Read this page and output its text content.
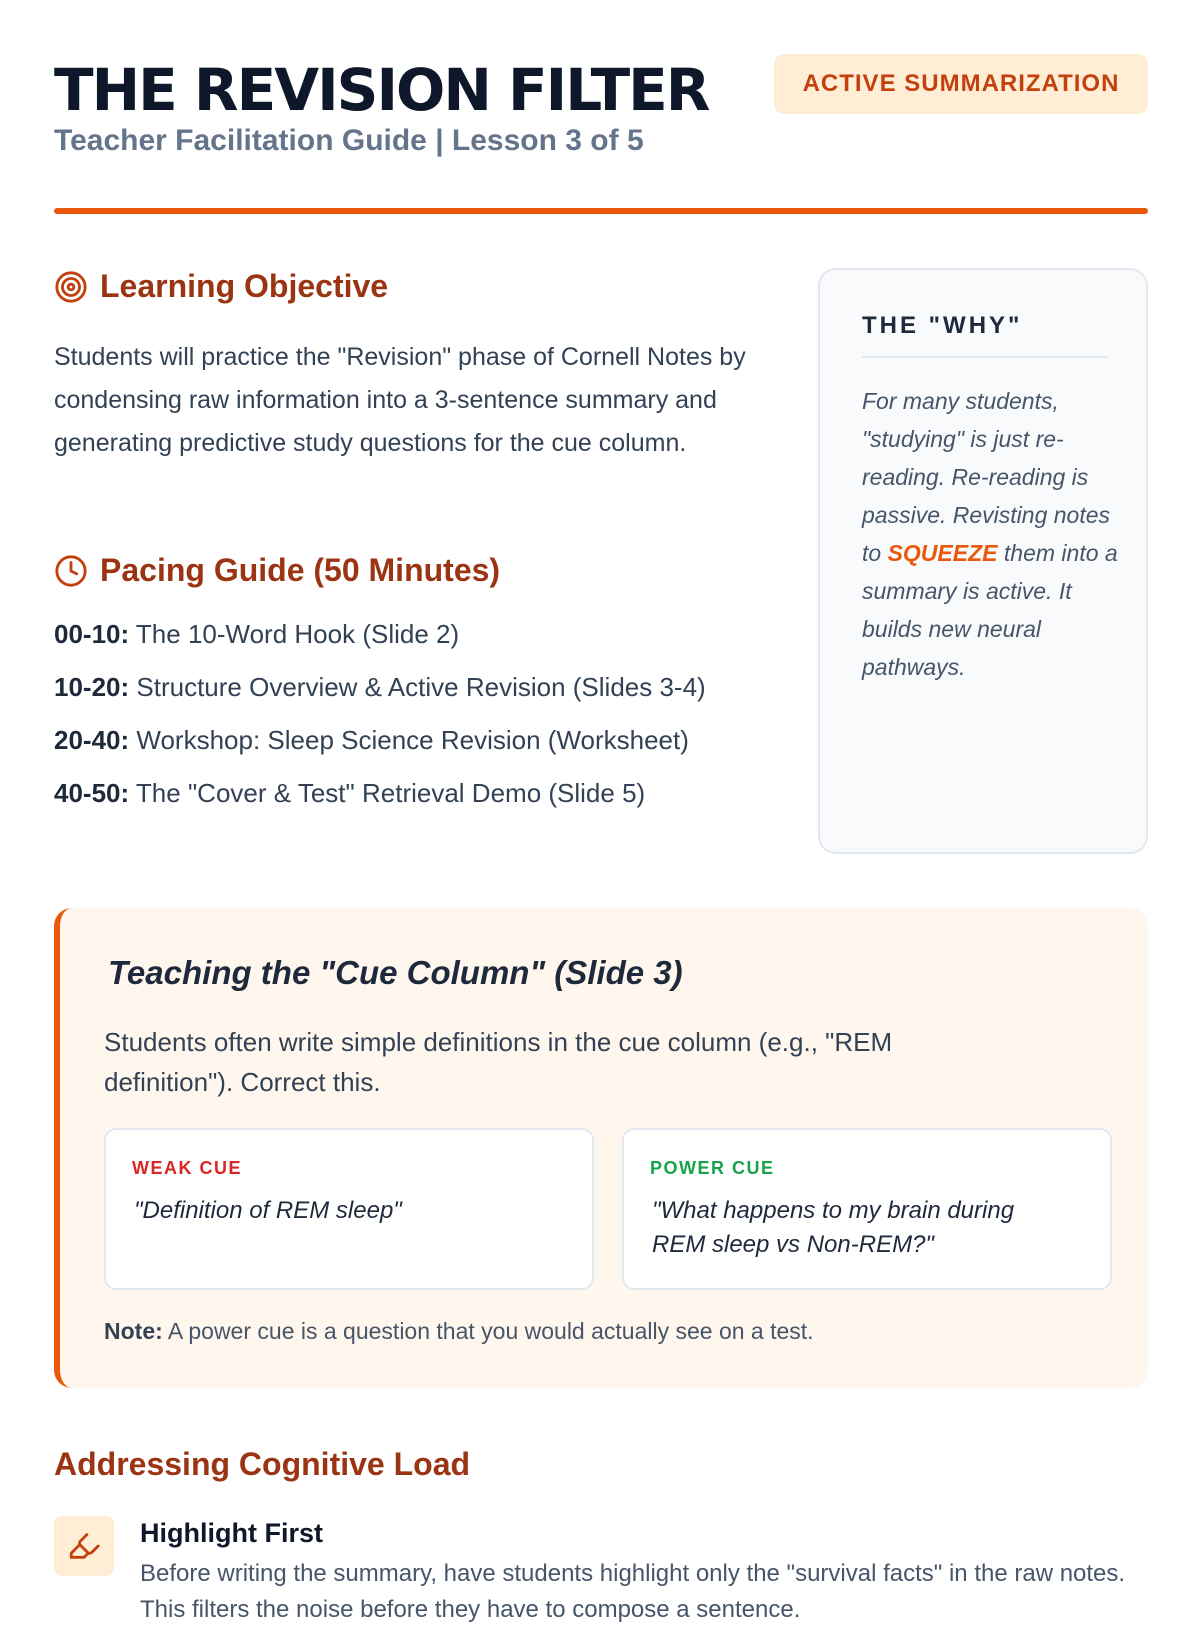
THE REVISION FILTER
Teacher Facilitation Guide | Lesson 3 of 5
ACTIVE SUMMARIZATION
Learning Objective

Students will practice the "Revision" phase of Cornell Notes by condensing raw information into a 3-sentence summary and generating predictive study questions for the cue column.

Pacing Guide (50 Minutes)
00-10: The 10-Word Hook (Slide 2)
10-20: Structure Overview & Active Revision (Slides 3-4)
20-40: Workshop: Sleep Science Revision (Worksheet)
40-50: The "Cover & Test" Retrieval Demo (Slide 5)
THE "WHY"

For many students, "studying" is just re-reading. Re-reading is passive. Revisting notes to SQUEEZE them into a summary is active. It builds new neural pathways.

Teaching the "Cue Column" (Slide 3)

Students often write simple definitions in the cue column (e.g., "REM definition"). Correct this.

WEAK CUE
"Definition of REM sleep"
POWER CUE
"What happens to my brain during REM sleep vs Non-REM?"

Note: A power cue is a question that you would actually see on a test.

Addressing Cognitive Load
Highlight First

Before writing the summary, have students highlight only the "survival facts" in the raw notes. This filters the noise before they have to compose a sentence.
